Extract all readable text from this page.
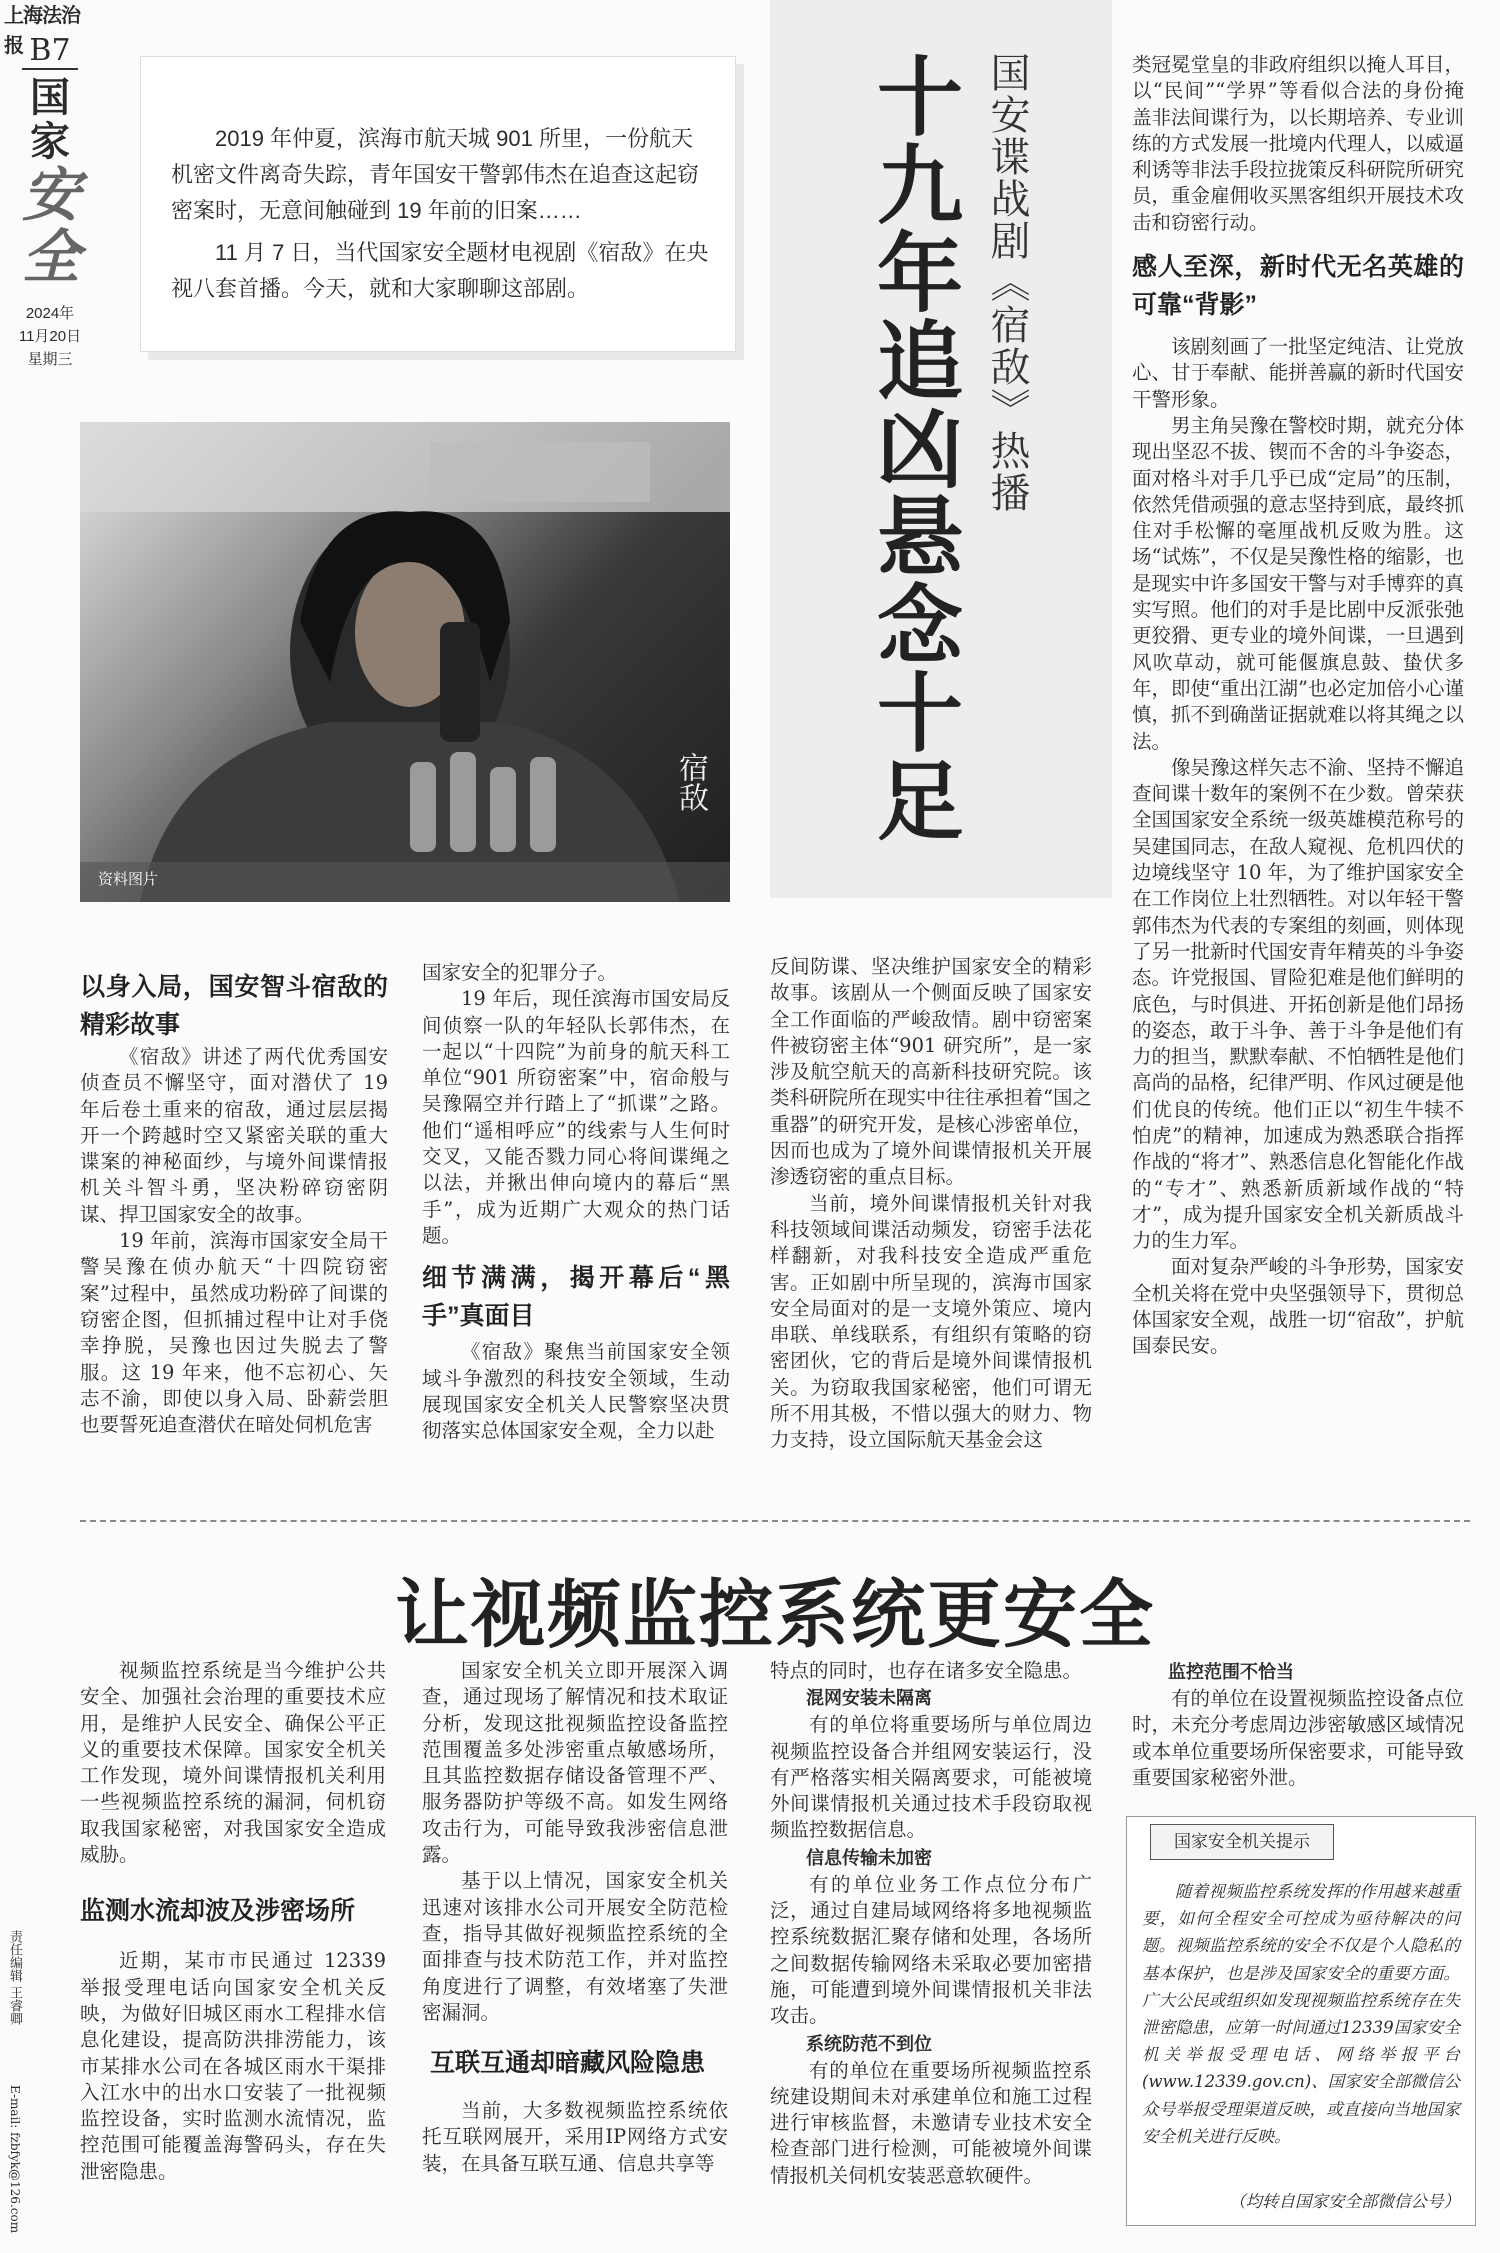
上海法治报 B7
国
家
安
全
2024年
11月20日
星期三
责任编辑 王睿卿
E-mail: fzbfyk@126.com

2019 年仲夏，滨海市航天城 901 所里，一份航天机密文件离奇失踪，青年国安干警郭伟杰在追查这起窃密案时，无意间触碰到 19 年前的旧案……

11 月 7 日，当代国家安全题材电视剧《宿敌》在央视八套首播。今天，就和大家聊聊这部剧。

宿敌
资料图片
国安谍战剧《宿敌》热播
十九年追凶悬念十足
以身入局，国安智斗宿敌的精彩故事

《宿敌》讲述了两代优秀国安侦查员不懈坚守，面对潜伏了 19 年后卷土重来的宿敌，通过层层揭开一个跨越时空又紧密关联的重大谍案的神秘面纱，与境外间谍情报机关斗智斗勇，坚决粉碎窃密阴谋、捍卫国家安全的故事。

19 年前，滨海市国家安全局干警吴豫在侦办航天“十四院窃密案”过程中，虽然成功粉碎了间谍的窃密企图，但抓捕过程中让对手侥幸挣脱，吴豫也因过失脱去了警服。这 19 年来，他不忘初心、矢志不渝，即使以身入局、卧薪尝胆也要誓死追查潜伏在暗处伺机危害

国家安全的犯罪分子。

19 年后，现任滨海市国安局反间侦察一队的年轻队长郭伟杰，在一起以“十四院”为前身的航天科工单位“901 所窃密案”中，宿命般与吴豫隔空并行踏上了“抓谍”之路。他们“遥相呼应”的线索与人生何时交叉，又能否戮力同心将间谍绳之以法，并揪出伸向境内的幕后“黑手”，成为近期广大观众的热门话题。

细节满满，揭开幕后“黑手”真面目

《宿敌》聚焦当前国家安全领域斗争激烈的科技安全领域，生动展现国家安全机关人民警察坚决贯彻落实总体国家安全观，全力以赴

反间防谍、坚决维护国家安全的精彩故事。该剧从一个侧面反映了国家安全工作面临的严峻敌情。剧中窃密案件被窃密主体“901 研究所”，是一家涉及航空航天的高新科技研究院。该类科研院所在现实中往往承担着“国之重器”的研究开发，是核心涉密单位，因而也成为了境外间谍情报机关开展渗透窃密的重点目标。

当前，境外间谍情报机关针对我科技领域间谍活动频发，窃密手法花样翻新，对我科技安全造成严重危害。正如剧中所呈现的，滨海市国家安全局面对的是一支境外策应、境内串联、单线联系，有组织有策略的窃密团伙，它的背后是境外间谍情报机关。为窃取我国家秘密，他们可谓无所不用其极，不惜以强大的财力、物力支持，设立国际航天基金会这

类冠冕堂皇的非政府组织以掩人耳目，以“民间”“学界”等看似合法的身份掩盖非法间谍行为，以长期培养、专业训练的方式发展一批境内代理人，以威逼利诱等非法手段拉拢策反科研院所研究员，重金雇佣收买黑客组织开展技术攻击和窃密行动。

感人至深，新时代无名英雄的可靠“背影”

该剧刻画了一批坚定纯洁、让党放心、甘于奉献、能拼善赢的新时代国安干警形象。

男主角吴豫在警校时期，就充分体现出坚忍不拔、锲而不舍的斗争姿态，面对格斗对手几乎已成“定局”的压制，依然凭借顽强的意志坚持到底，最终抓住对手松懈的毫厘战机反败为胜。这场“试炼”，不仅是吴豫性格的缩影，也是现实中许多国安干警与对手博弈的真实写照。他们的对手是比剧中反派张弛更狡猾、更专业的境外间谍，一旦遇到风吹草动，就可能偃旗息鼓、蛰伏多年，即使“重出江湖”也必定加倍小心谨慎，抓不到确凿证据就难以将其绳之以法。

像吴豫这样矢志不渝、坚持不懈追查间谍十数年的案例不在少数。曾荣获全国国家安全系统一级英雄模范称号的吴建国同志，在敌人窥视、危机四伏的边境线坚守 10 年，为了维护国家安全在工作岗位上壮烈牺牲。对以年轻干警郭伟杰为代表的专案组的刻画，则体现了另一批新时代国安青年精英的斗争姿态。许党报国、冒险犯难是他们鲜明的底色，与时俱进、开拓创新是他们昂扬的姿态，敢于斗争、善于斗争是他们有力的担当，默默奉献、不怕牺牲是他们高尚的品格，纪律严明、作风过硬是他们优良的传统。他们正以“初生牛犊不怕虎”的精神，加速成为熟悉联合指挥作战的“将才”、熟悉信息化智能化作战的“专才”、熟悉新质新域作战的“特才”，成为提升国家安全机关新质战斗力的生力军。

面对复杂严峻的斗争形势，国家安全机关将在党中央坚强领导下，贯彻总体国家安全观，战胜一切“宿敌”，护航国泰民安。

让视频监控系统更安全

视频监控系统是当今维护公共安全、加强社会治理的重要技术应用，是维护人民安全、确保公平正义的重要技术保障。国家安全机关工作发现，境外间谍情报机关利用一些视频监控系统的漏洞，伺机窃取我国家秘密，对我国家安全造成威胁。

监测水流却波及涉密场所

近期，某市市民通过 12339 举报受理电话向国家安全机关反映，为做好旧城区雨水工程排水信息化建设，提高防洪排涝能力，该市某排水公司在各城区雨水干渠排入江水中的出水口安装了一批视频监控设备，实时监测水流情况，监控范围可能覆盖海警码头，存在失泄密隐患。

国家安全机关立即开展深入调查，通过现场了解情况和技术取证分析，发现这批视频监控设备监控范围覆盖多处涉密重点敏感场所，且其监控数据存储设备管理不严、服务器防护等级不高。如发生网络攻击行为，可能导致我涉密信息泄露。

基于以上情况，国家安全机关迅速对该排水公司开展安全防范检查，指导其做好视频监控系统的全面排查与技术防范工作，并对监控角度进行了调整，有效堵塞了失泄密漏洞。

互联互通却暗藏风险隐患

当前，大多数视频监控系统依托互联网展开，采用IP网络方式安装，在具备互联互通、信息共享等

特点的同时，也存在诸多安全隐患。

混网安装未隔离

有的单位将重要场所与单位周边视频监控设备合并组网安装运行，没有严格落实相关隔离要求，可能被境外间谍情报机关通过技术手段窃取视频监控数据信息。

信息传输未加密

有的单位业务工作点位分布广泛，通过自建局域网络将多地视频监控系统数据汇聚存储和处理，各场所之间数据传输网络未采取必要加密措施，可能遭到境外间谍情报机关非法攻击。

系统防范不到位

有的单位在重要场所视频监控系统建设期间未对承建单位和施工过程进行审核监督，未邀请专业技术安全检查部门进行检测，可能被境外间谍情报机关伺机安装恶意软硬件。

监控范围不恰当

有的单位在设置视频监控设备点位时，未充分考虑周边涉密敏感区域情况或本单位重要场所保密要求，可能导致重要国家秘密外泄。

国家安全机关提示

随着视频监控系统发挥的作用越来越重要，如何全程安全可控成为亟待解决的问题。视频监控系统的安全不仅是个人隐私的基本保护，也是涉及国家安全的重要方面。广大公民或组织如发现视频监控系统存在失泄密隐患，应第一时间通过12339国家安全机关举报受理电话、网络举报平台(www.12339.gov.cn)、国家安全部微信公众号举报受理渠道反映，或直接向当地国家安全机关进行反映。

（均转自国家安全部微信公号）
